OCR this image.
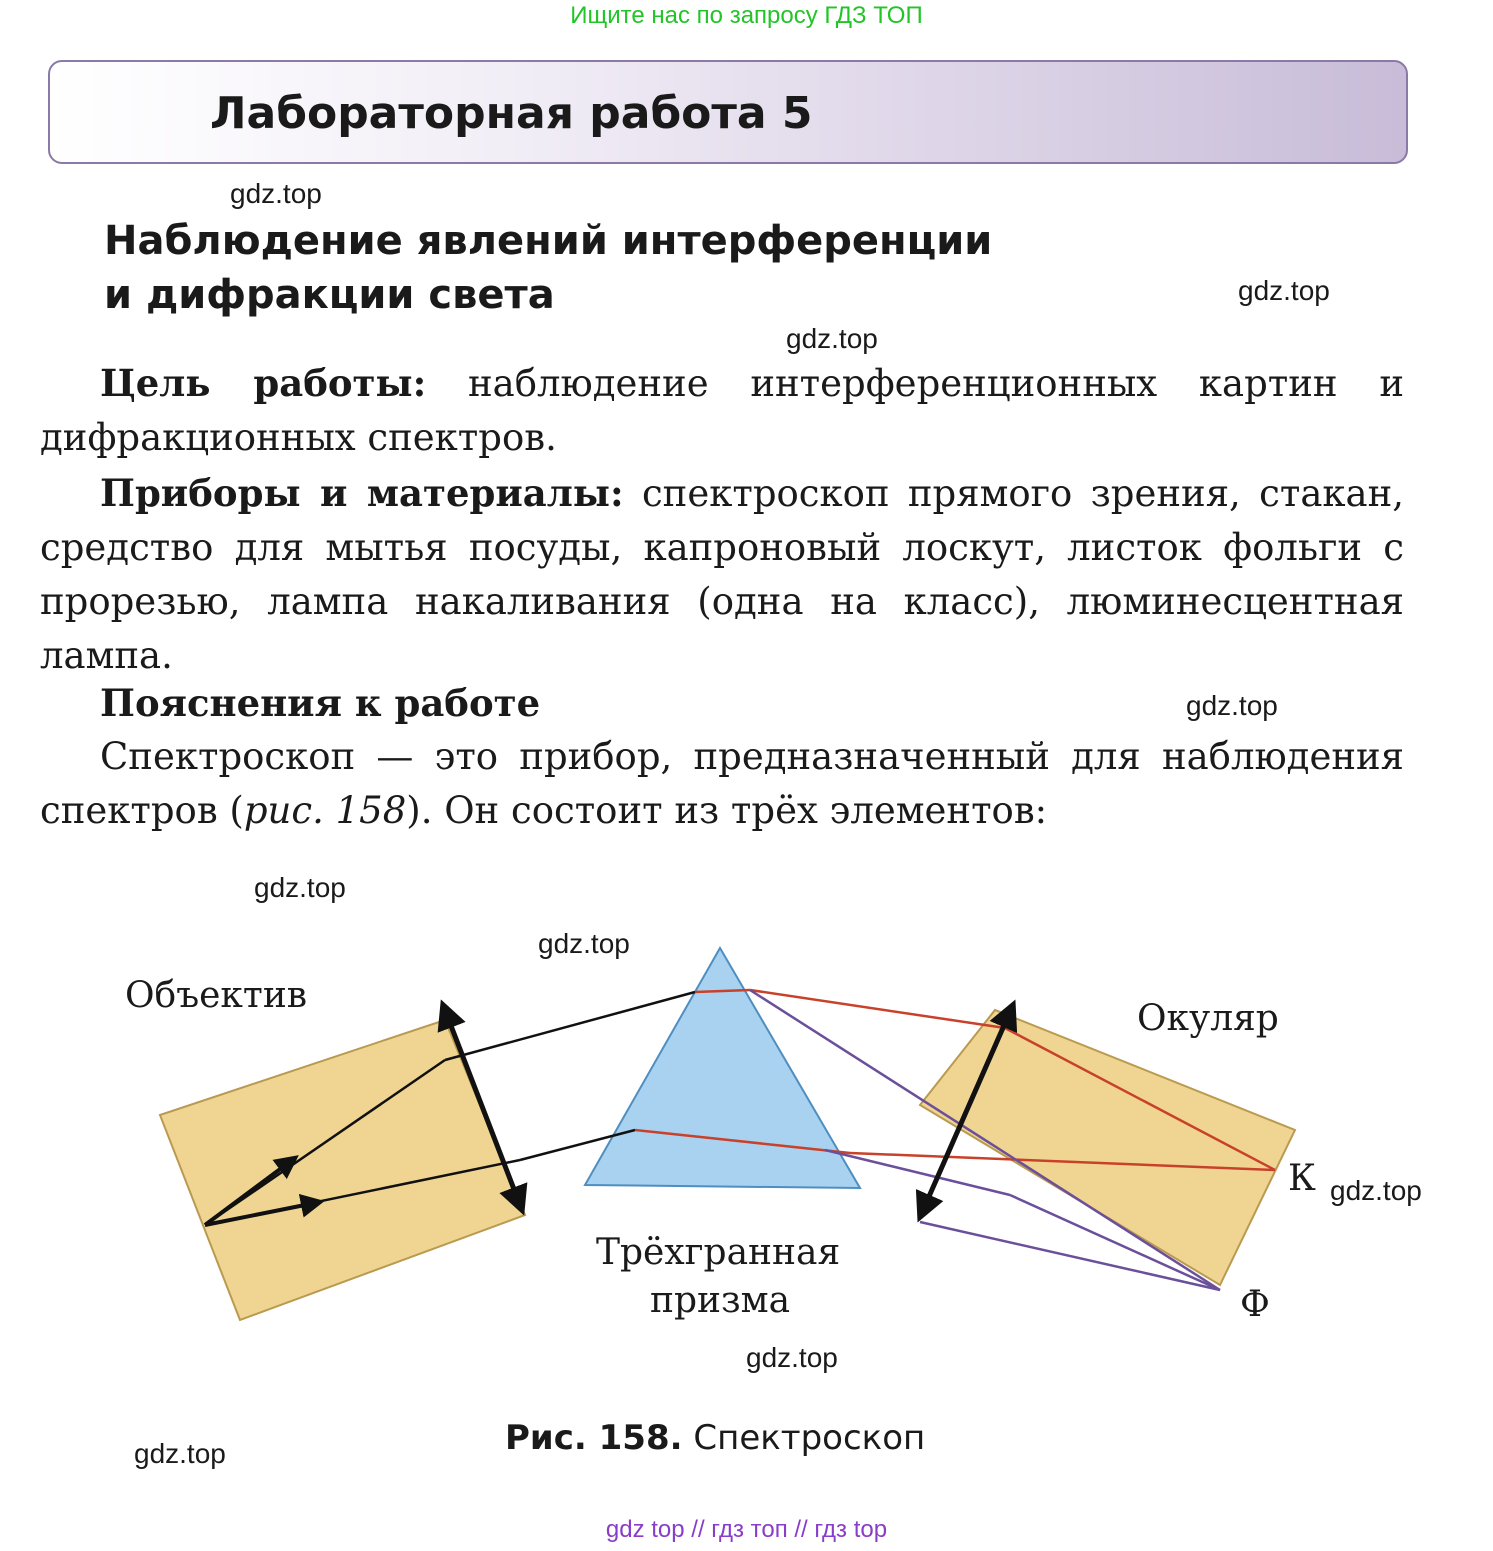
Ищите нас по запросу ГДЗ ТОП
Лабораторная работа 5
Наблюдение явлений интерференции
и дифракции света
Цель работы: наблюдение интерференционных картин и дифракционных спектров.
Приборы и материалы: спектроскоп прямого зрения, стакан, средство для мытья посуды, капроновый лоскут, листок фольги с прорезью, лампа накаливания (одна на класс), люминесцентная лампа.
Пояснения к работе
Спектроскоп — это прибор, предназначенный для наблюдения спектров (рис. 158). Он состоит из трёх элементов:
Объектив
Окуляр
Трёхгранная
призма
К
Ф
Рис. 158. Спектроскоп
gdz.top
gdz.top
gdz.top
gdz.top
gdz.top
gdz.top
gdz.top
gdz.top
gdz.top
gdz top // гдз топ // гдз top
